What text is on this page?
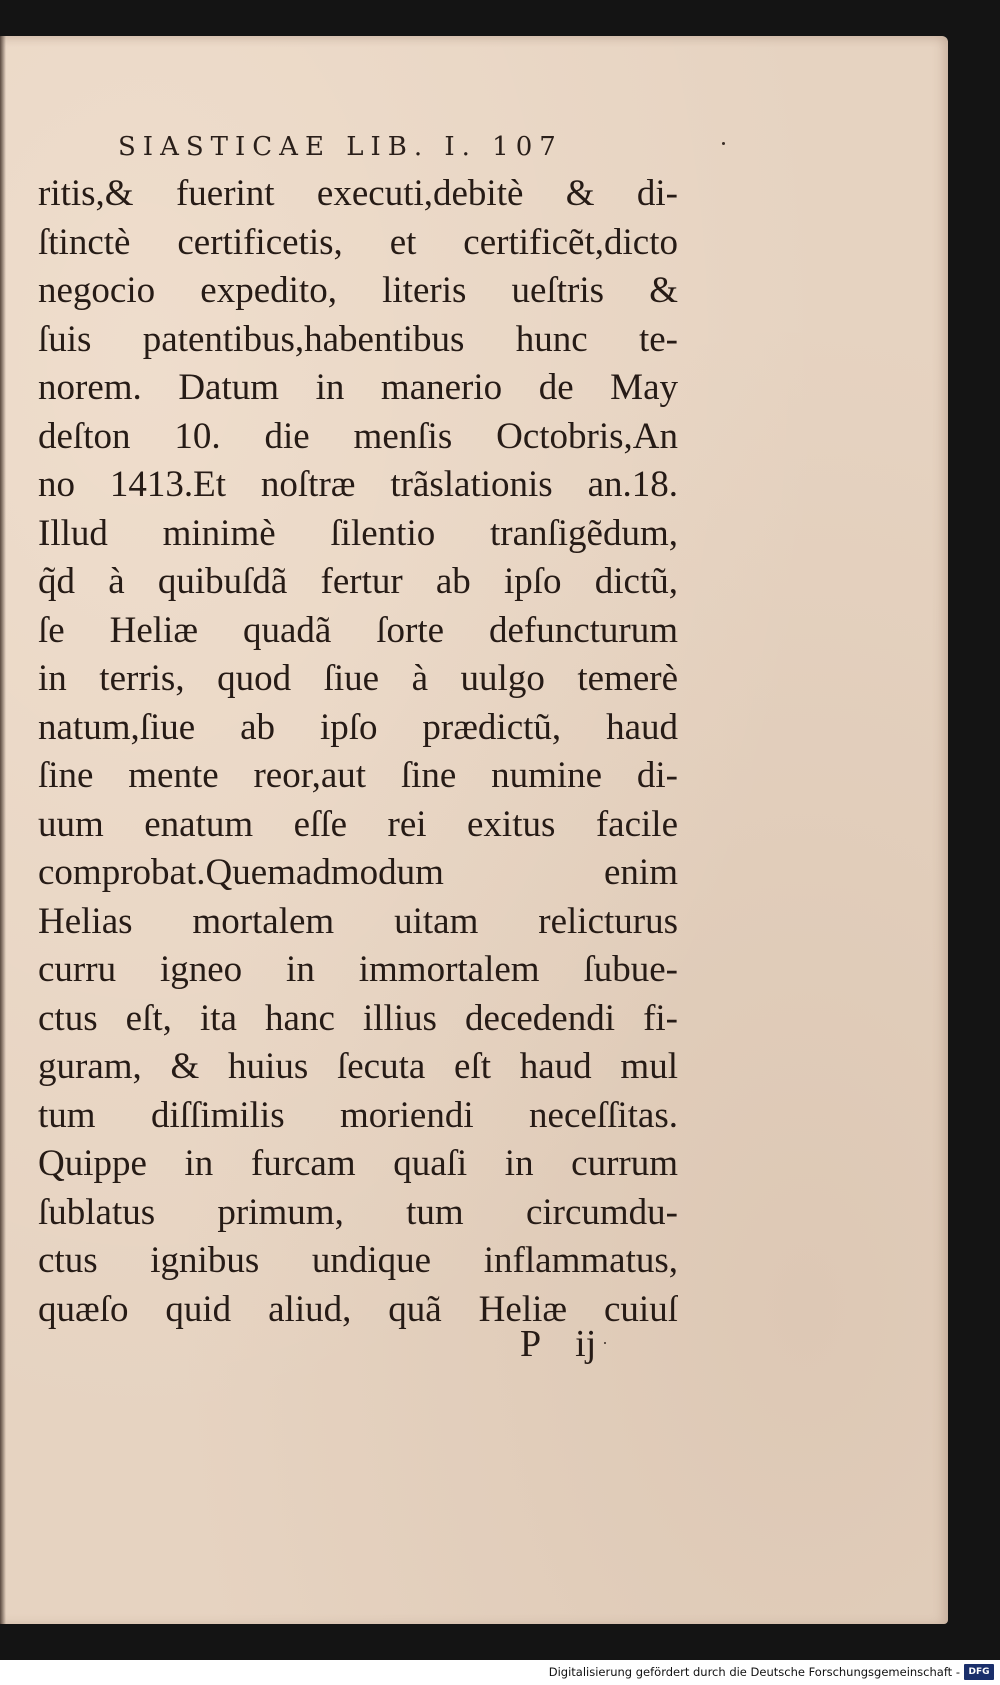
SIASTICAE LIB. I. 107
ritis,& fuerint executi,debitè & di-
ſtinctè certificetis, et certificẽt,dicto
negocio expedito, literis ueſtris &
ſuis patentibus,habentibus hunc te-
norem. Datum in manerio de May
deſton 10. die menſis Octobris,An
no 1413.Et noſtræ trãslationis an.18.
Illud minimè ſilentio tranſigẽdum,
q̃d à quibuſdã fertur ab ipſo dictũ,
ſe Heliæ quadã ſorte defuncturum
in terris, quod ſiue à uulgo temerè
natum,ſiue ab ipſo prædictũ, haud
ſine mente reor,aut ſine numine di-
uum enatum eſſe rei exitus facile
comprobat.Quemadmodum enim
Helias mortalem uitam relicturus
curru igneo in immortalem ſubue-
ctus eſt, ita hanc illius decedendi fi-
guram, & huius ſecuta eſt haud mul
tum diſſimilis moriendi neceſſitas.
Quippe in furcam quaſi in currum
ſublatus primum, tum circumdu-
ctus ignibus undique inflammatus,
quæſo quid aliud, quã Heliæ cuiuſ
P ij
Digitalisierung gefördert durch die Deutsche Forschungsgemeinschaft - DFG
